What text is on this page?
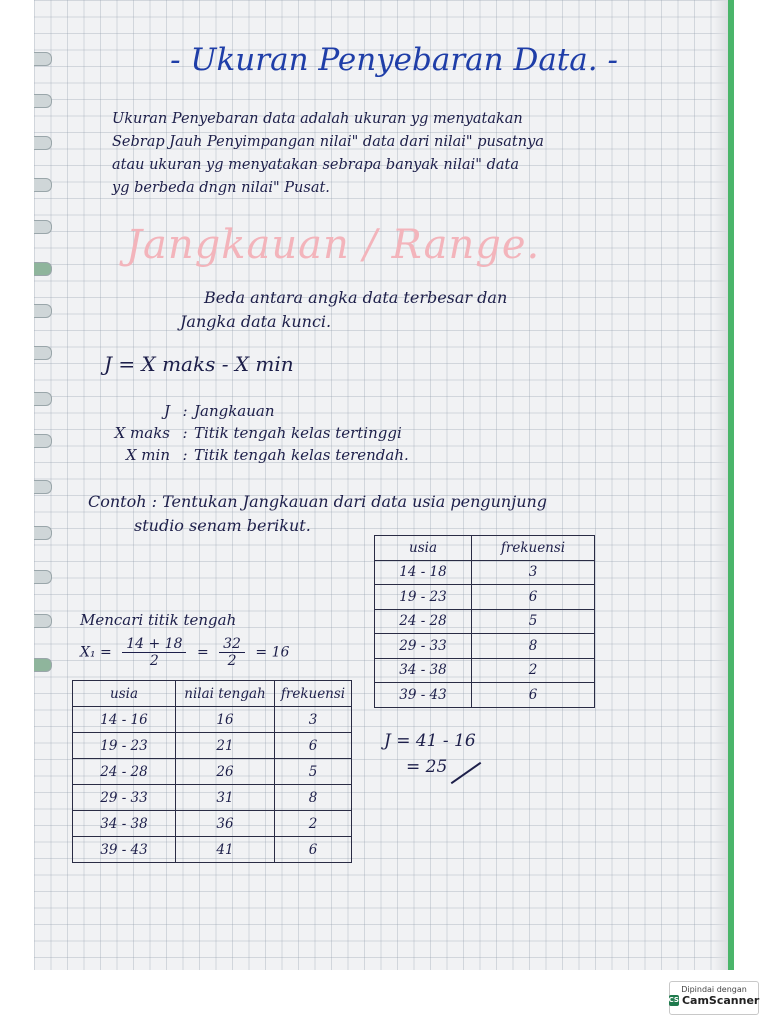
- Ukuran Penyebaran Data. -
Ukuran Penyebaran data adalah ukuran yg menyatakan
Sebrap Jauh Penyimpangan nilai" data dari nilai" pusatnya
atau ukuran yg menyatakan sebrapa banyak nilai" data
yg berbeda dngn nilai" Pusat.
Jangkauan / Range.
Beda antara angka data terbesar dan
Jangka data kunci.
J = X maks - X min
J : Jangkauan
X maks : Titik tengah kelas tertinggi
X min : Titik tengah kelas terendah.
Contoh : Tentukan Jangkauan dari data usia pengunjung
studio senam berikut.
usia	frekuensi
14 - 18	3
19 - 23	6
24 - 28	5
29 - 33	8
34 - 38	2
39 - 43	6
Mencari titik tengah
$X_1 = \frac{14 + 18}{2} = \frac{32}{2} = 16$
usia	nilai tengah	frekuensi
14 - 16	16	3
19 - 23	21	6
24 - 28	26	5
29 - 33	31	8
34 - 38	36	2
39 - 43	41	6
J = 41 - 16
= 25
Dipindai dengan
CS CamScanner
